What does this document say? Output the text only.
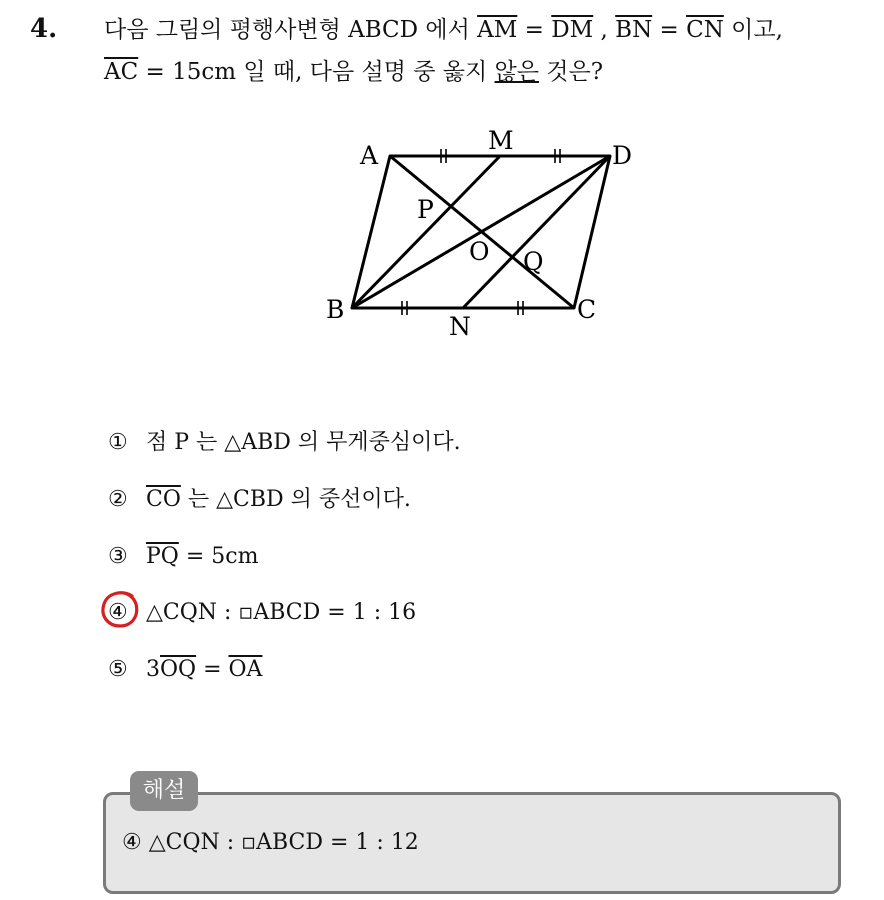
4. 다음 그림의 평행사변형 ABCD 에서 $\overline{AM} = \overline{DM}$ , $\overline{BN} = \overline{CN}$ 이고,
$\overline{AC} = 15cm$ 일 때, 다음 설명 중 옳지 않은 것은?
A
M
D
P
O Q
B
N
C
① 점 P 는 △ABD 의 무게중심이다.
② $\overline{CO}$ 는 △CBD 의 중선이다.
③ $\overline{PQ} = 5cm$
④ △CQN : ▫ABCD = 1 : 16
⑤ $3\overline{OQ} = \overline{OA}$
해설
④ △CQN : ▫ABCD = 1 : 12
